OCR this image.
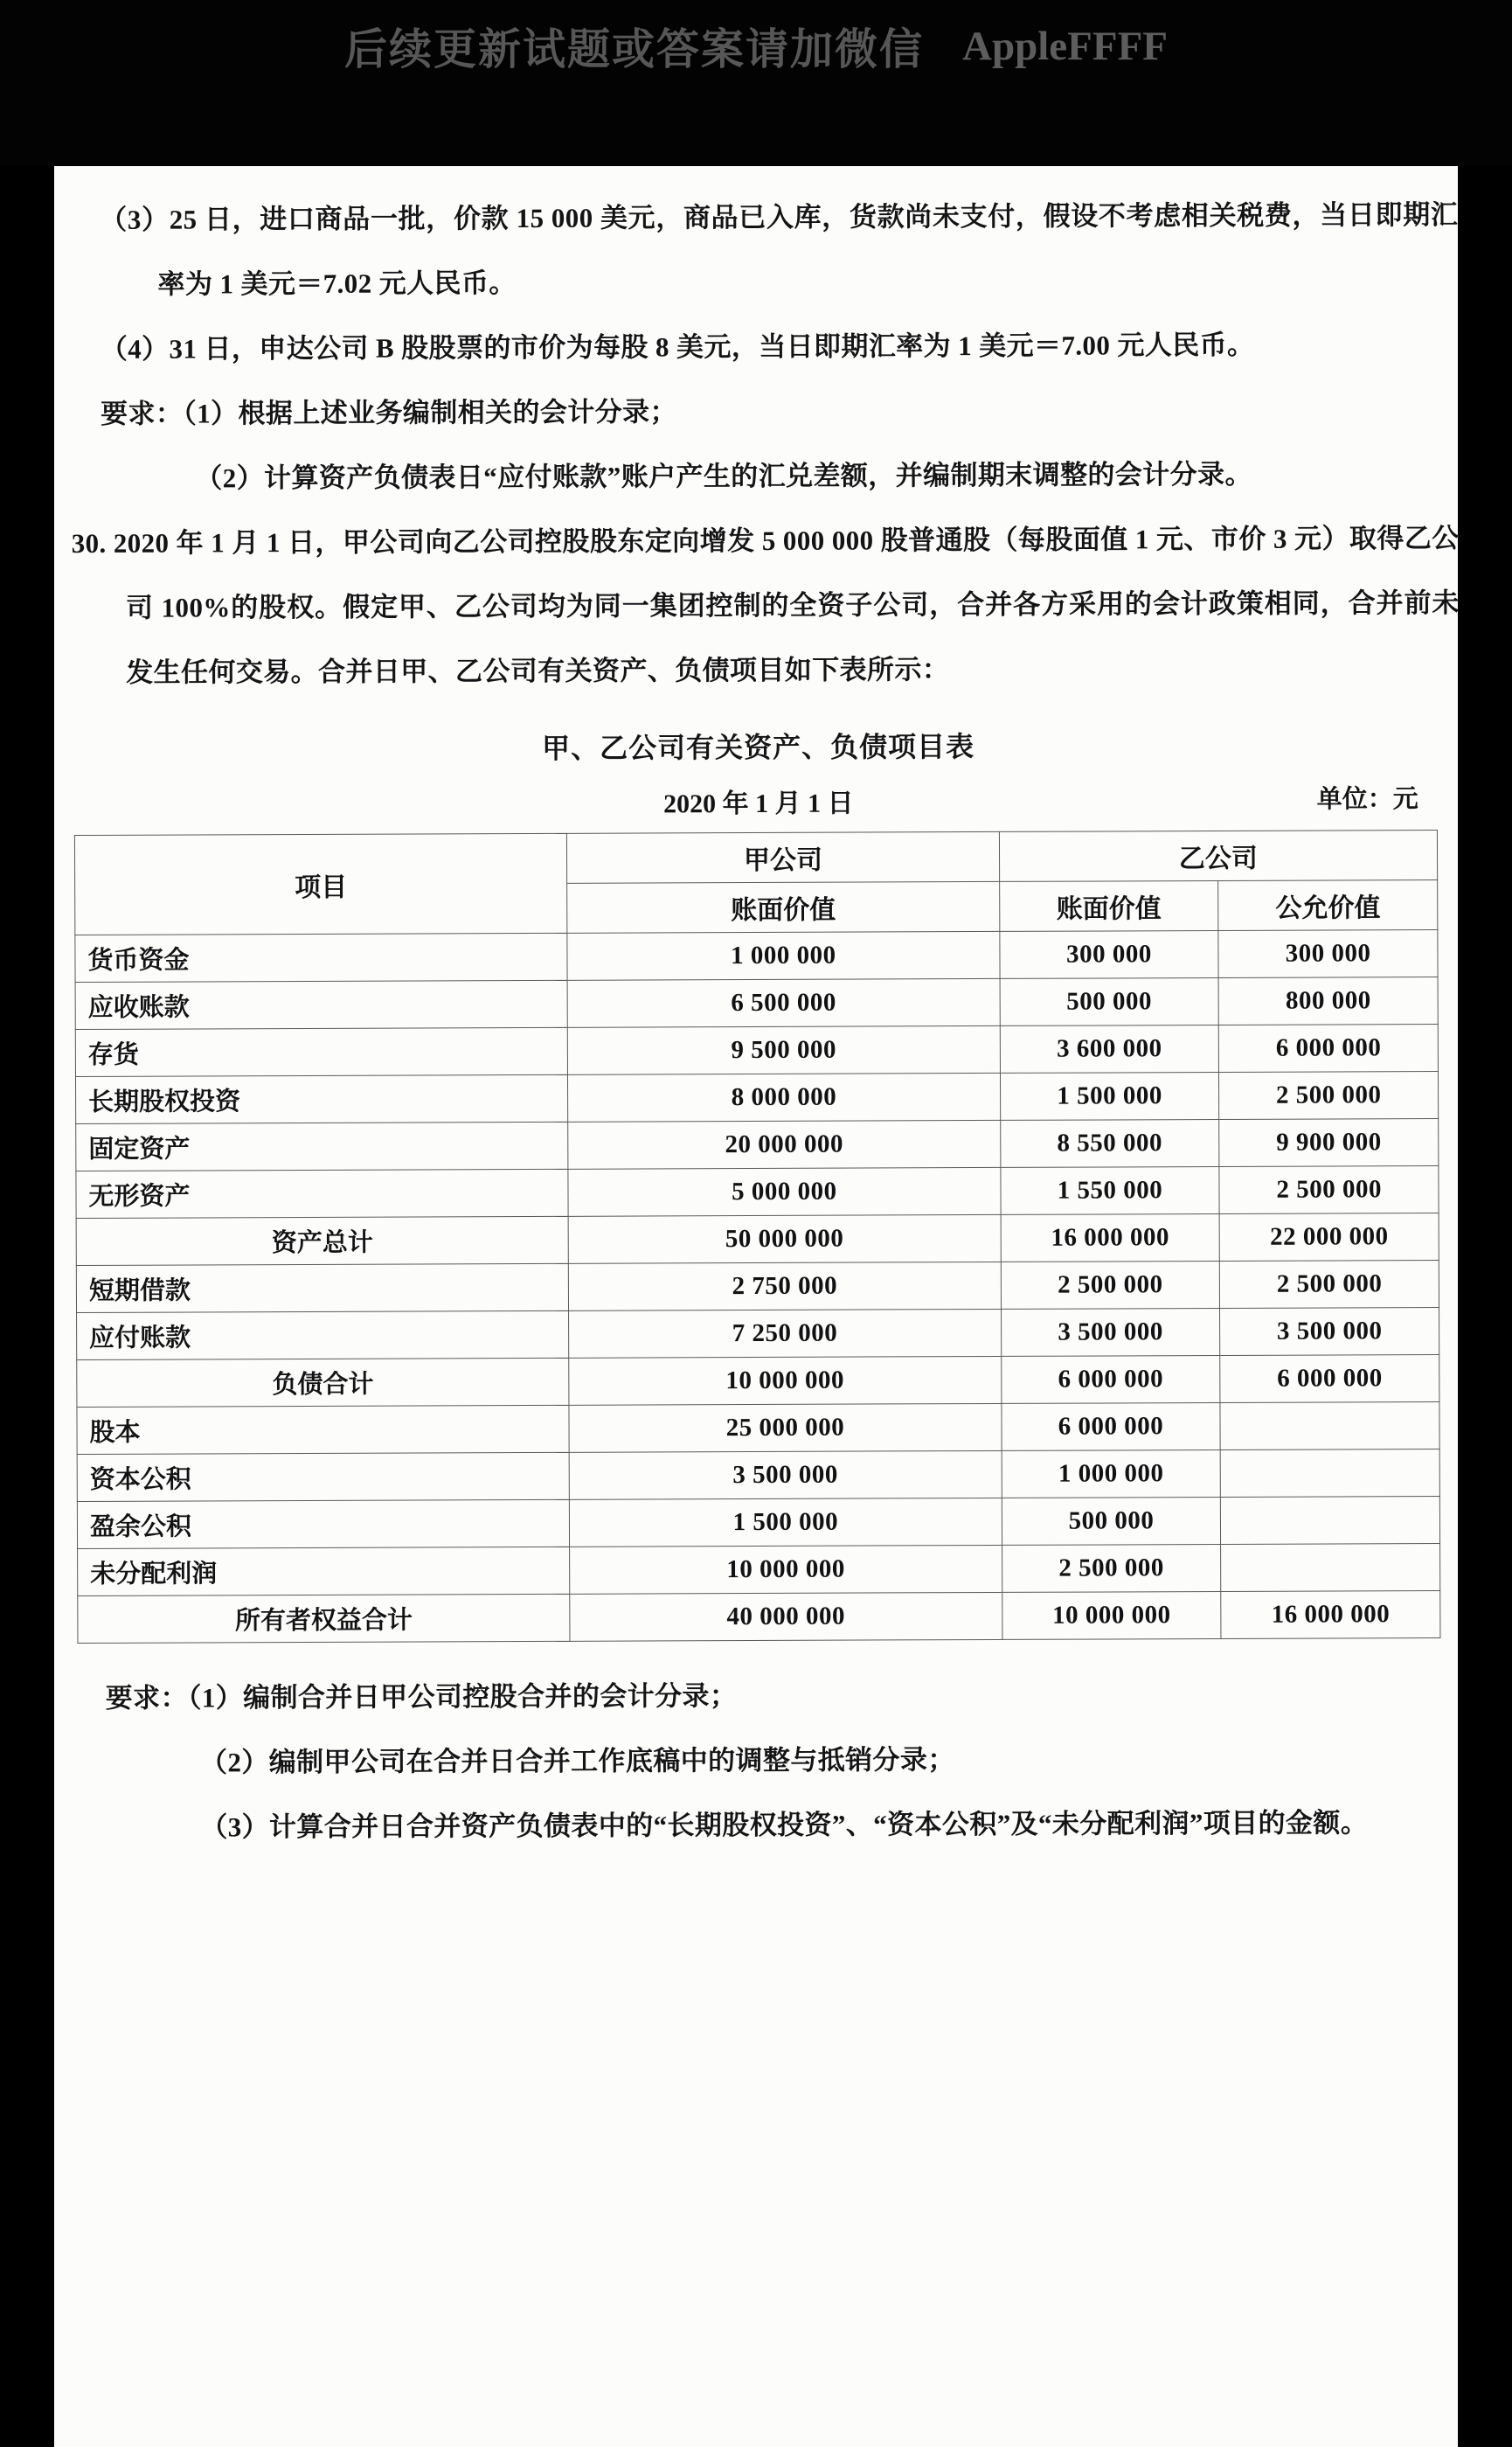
后续更新试题或答案请加微信 AppleFFFF
（3）25 日，进口商品一批，价款 15 000 美元，商品已入库，货款尚未支付，假设不考虑相关税费，当日即期汇率为 1 美元＝7.02 元人民币。
（4）31 日，申达公司 B 股股票的市价为每股 8 美元，当日即期汇率为 1 美元＝7.00 元人民币。
要求：（1）根据上述业务编制相关的会计分录；
（2）计算资产负债表日“应付账款”账户产生的汇兑差额，并编制期末调整的会计分录。
30. 2020 年 1 月 1 日，甲公司向乙公司控股股东定向增发 5 000 000 股普通股（每股面值 1 元、市价 3 元）取得乙公司 100%的股权。假定甲、乙公司均为同一集团控制的全资子公司，合并各方采用的会计政策相同，合并前未发生任何交易。合并日甲、乙公司有关资产、负债项目如下表所示：
甲、乙公司有关资产、负债项目表
2020 年 1 月 1 日	单位：元
项目	甲公司	乙公司	
	账面价值	账面价值	公允价值
货币资金	1 000 000	300 000	300 000
应收账款	6 500 000	500 000	800 000
存货	9 500 000	3 600 000	6 000 000
长期股权投资	8 000 000	1 500 000	2 500 000
固定资产	20 000 000	8 550 000	9 900 000
无形资产	5 000 000	1 550 000	2 500 000
资产总计	50 000 000	16 000 000	22 000 000
短期借款	2 750 000	2 500 000	2 500 000
应付账款	7 250 000	3 500 000	3 500 000
负债合计	10 000 000	6 000 000	6 000 000
股本	25 000 000	6 000 000	
资本公积	3 500 000	1 000 000	
盈余公积	1 500 000	500 000	
未分配利润	10 000 000	2 500 000	
所有者权益合计	40 000 000	10 000 000	16 000 000
要求：（1）编制合并日甲公司控股合并的会计分录；
（2）编制甲公司在合并日合并工作底稿中的调整与抵销分录；
（3）计算合并日合并资产负债表中的“长期股权投资”、“资本公积”及“未分配利润”项目的金额。
